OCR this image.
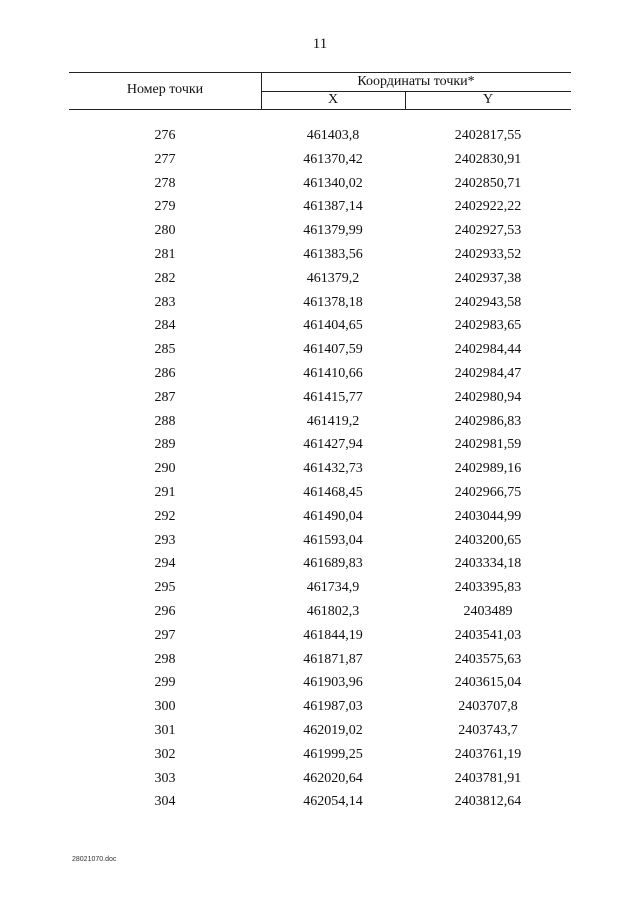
11
Номер точки
Координаты точки*
X	Y
276	461403,8	2402817,55
277	461370,42	2402830,91
278	461340,02	2402850,71
279	461387,14	2402922,22
280	461379,99	2402927,53
281	461383,56	2402933,52
282	461379,2	2402937,38
283	461378,18	2402943,58
284	461404,65	2402983,65
285	461407,59	2402984,44
286	461410,66	2402984,47
287	461415,77	2402980,94
288	461419,2	2402986,83
289	461427,94	2402981,59
290	461432,73	2402989,16
291	461468,45	2402966,75
292	461490,04	2403044,99
293	461593,04	2403200,65
294	461689,83	2403334,18
295	461734,9	2403395,83
296	461802,3	2403489
297	461844,19	2403541,03
298	461871,87	2403575,63
299	461903,96	2403615,04
300	461987,03	2403707,8
301	462019,02	2403743,7
302	461999,25	2403761,19
303	462020,64	2403781,91
304	462054,14	2403812,64
28021070.doc
